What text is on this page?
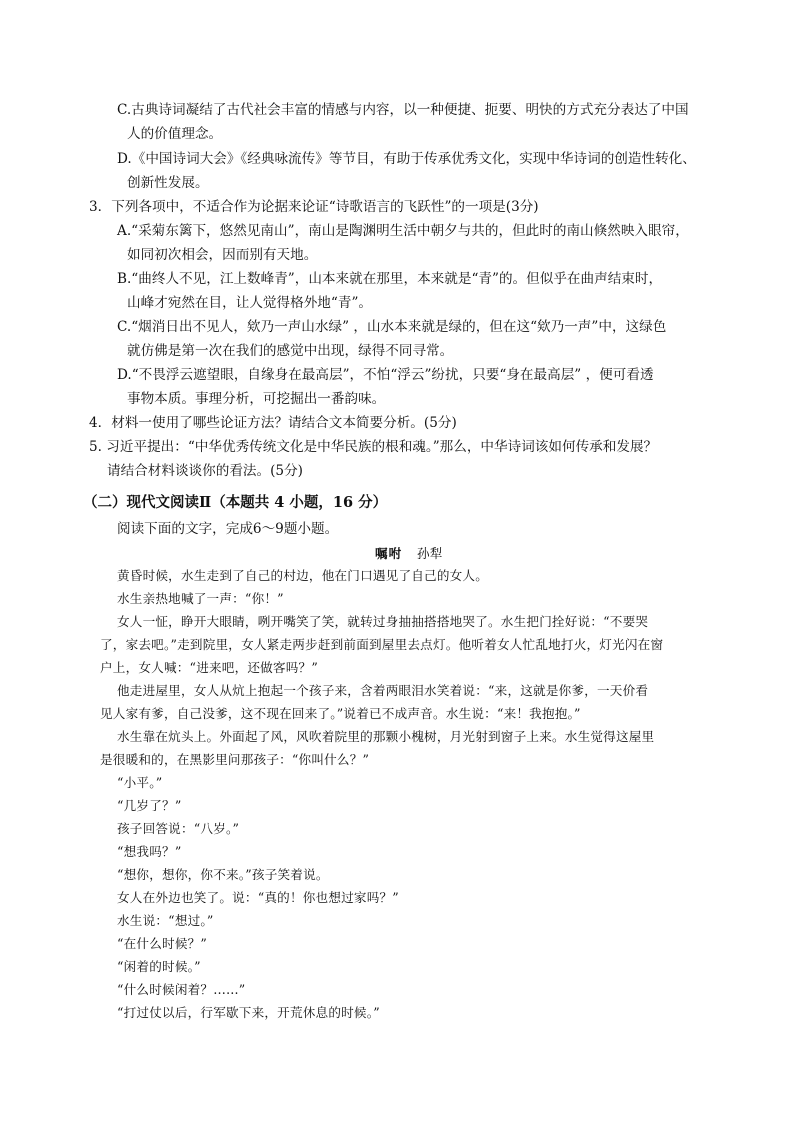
C.古典诗词凝结了古代社会丰富的情感与内容，以一种便捷、扼要、明快的方式充分表达了中国
人的价值理念。
D.《中国诗词大会》《经典咏流传》等节目，有助于传承优秀文化，实现中华诗词的创造性转化、
创新性发展。
3．下列各项中，不适合作为论据来论证“诗歌语言的飞跃性”的一项是(3分)
A.“采菊东篱下，悠然见南山”，南山是陶渊明生活中朝夕与共的，但此时的南山倏然映入眼帘，
如同初次相会，因而别有天地。
B.“曲终人不见，江上数峰青”，山本来就在那里，本来就是“青”的。但似乎在曲声结束时，
山峰才宛然在目，让人觉得格外地“青”。
C.“烟消日出不见人，欸乃一声山水绿” ，山水本来就是绿的，但在这“欸乃一声”中，这绿色
就仿佛是第一次在我们的感觉中出现，绿得不同寻常。
D.“不畏浮云遮望眼，自缘身在最高层”，不怕“浮云”纷扰，只要“身在最高层” ，便可看透
事物本质。事理分析，可挖掘出一番韵味。
4．材料一使用了哪些论证方法？请结合文本简要分析。(5分)
5. 习近平提出：“中华优秀传统文化是中华民族的根和魂。”那么，中华诗词该如何传承和发展？
请结合材料谈谈你的看法。(5分)
（二）现代文阅读Ⅱ（本题共 4 小题，16 分）
阅读下面的文字，完成6～9题小题。
嘱咐 孙犁
黄昏时候，水生走到了自己的村边，他在门口遇见了自己的女人。
水生亲热地喊了一声：“你！”
女人一怔，睁开大眼睛，咧开嘴笑了笑，就转过身抽抽搭搭地哭了。水生把门拴好说：“不要哭
了，家去吧。”走到院里，女人紧走两步赶到前面到屋里去点灯。他听着女人忙乱地打火，灯光闪在窗
户上，女人喊：“进来吧，还做客吗？”
他走进屋里，女人从炕上抱起一个孩子来，含着两眼泪水笑着说：“来，这就是你爹，一天价看
见人家有爹，自己没爹，这不现在回来了。”说着已不成声音。水生说：“来！我抱抱。”
水生靠在炕头上。外面起了风，风吹着院里的那颗小槐树，月光射到窗子上来。水生觉得这屋里
是很暖和的，在黑影里问那孩子：“你叫什么？”
“小平。”
“几岁了？”
孩子回答说：“八岁。”
“想我吗？”
“想你，想你，你不来。”孩子笑着说。
女人在外边也笑了。说：“真的！你也想过家吗？”
水生说：“想过。”
“在什么时候？”
“闲着的时候。”
“什么时候闲着？……”
“打过仗以后，行军歇下来，开荒休息的时候。”
